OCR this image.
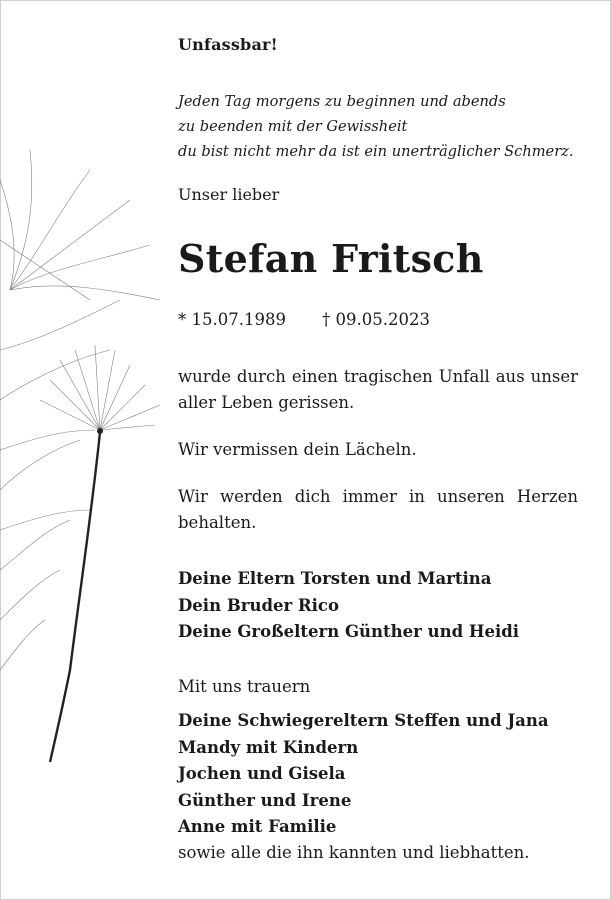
Unfassbar!
Jeden Tag morgens zu beginnen und abends
zu beenden mit der Gewissheit
du bist nicht mehr da ist ein unerträglicher Schmerz.
Unser lieber
Stefan Fritsch
* 15.07.1989 † 09.05.2023
wurde durch einen tragischen Unfall aus unser aller Leben gerissen.
Wir vermissen dein Lächeln.
Wir werden dich immer in unseren Herzen behalten.
Deine Eltern Torsten und Martina
Dein Bruder Rico
Deine Großeltern Günther und Heidi
Mit uns trauern
Deine Schwiegereltern Steffen und Jana
Mandy mit Kindern
Jochen und Gisela
Günther und Irene
Anne mit Familie
sowie alle die ihn kannten und liebhatten.
